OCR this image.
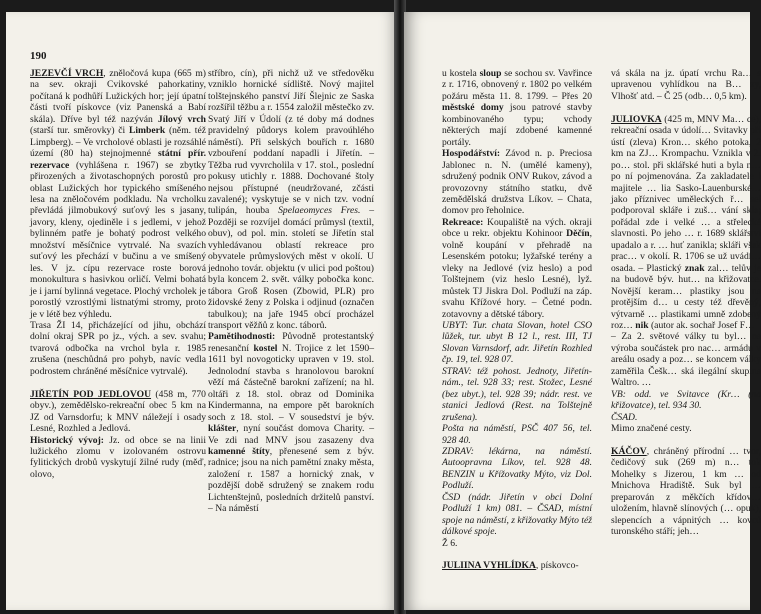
190

JEZEVČÍ VRCH, zněločová kupa (665 m) na sev. okraji Cvikovské pahorkatiny, počítaná k podhůří Lužických hor; její úpatní části tvoří pískovce (viz Panenská a Babí skála). Dříve byl též nazýván Jílový vrch (starší tur. směrovky) či Limberk (něm. též Limpberg). – Ve vrcholové oblasti je rozsáhlé území (80 ha) stejnojmenné státní přír. rezervace (vyhlášena r. 1967) se zbytky přirozených a životaschopných porostů pro oblast Lužických hor typického smíšeného lesa na zněločovém podkladu. Na vrcholku převládá jilmobukový suťový les s jasany, javory, kleny, ojediněle i s jedlemi, v jehož bylinném patře je bohatý podrost velkého množství měsíčnice vytrvalé. Na svazích suťový les přechází v bučinu a ve smíšený les. V jz. cípu rezervace roste borová monokultura s hasivkou orličí. Velmi bohatá je i jarní bylinná vegetace. Plochý vrcholek je porostlý vzrostlými listnatými stromy, proto je v létě bez výhledu.
Trasa ŽI 14, přicházející od jihu, obchází dolní okraj SPR po jz., vých. a sev. svahu; tvarová odbočka na vrchol byla r. 1985 zrušena (neschůdná pro pohyb, navíc vedla podrostem chráněné měsíčnice vytrvalé).

JIŘETÍN POD JEDLOVOU (458 m, 770 obyv.), zemědělsko-rekreační obec 5 km na JZ od Varnsdorfu; k MNV náležejí i osady Lesné, Rozhled a Jedlová.
Historický vývoj: Jz. od obce se na linii lužického zlomu v izolovaném ostrovu fylitických drobů vyskytují žilné rudy (měď, olovo,

stříbro, cín), při nichž už ve středověku vzniklo hornické sídliště. Nový majitel tolštejnského panství Jiří Šlejnic ze Saska rozšířil těžbu a r. 1554 založil městečko zv. Svatý Jiří v Údolí (z té doby má dodnes pravidelný půdorys kolem pravoúhlého náměstí). Při selských bouřích r. 1680 vzbouření poddaní napadli i Jiřetín. – Těžba rud vyvrcholila v 17. stol., poslední pokusy utichly r. 1888. Dochované štoly nejsou přístupné (neudržované, zčásti zavalené); vyskytuje se v nich tzv. vodní tulipán, houba Spelaeomyces Fres. – Později se rozvíjel domácí průmysl (textil, obuv), od pol. min. století se Jiřetín stal vyhledávanou oblastí rekreace pro obyvatele průmyslových měst v okolí. U jednoho továr. objektu (v ulici pod poštou) byla koncem 2. svět. války pobočka konc. tábora Groß Rosen (Zbowid, PLR) pro židovské ženy z Polska i odjinud (označen tabulkou); na jaře 1945 obcí procházel transport věžňů z konc. táborů.
Pamětihodnosti: Původně protestantský renesanční kostel N. Trojice z let 1590–1611 byl novogoticky upraven v 19. stol. Jednolodní stavba s hranolovou barokní věží má částečně barokní zařízení; na hl. oltáři z 18. stol. obraz od Dominika Kindermanna, na empore pět barokních soch z 18. stol. – V sousedství je býv. klášter, nyní součást domova Charity. – Ve zdi nad MNV jsou zasazeny dva kamenné štíty, přenesené sem z býv. radnice; jsou na nich pamětní znaky města, založení r. 1587 a hornický znak, v pozdější době sdružený se znakem rodu Lichtenštejnů, posledních držitelů panství. – Na náměstí

u kostela sloup se sochou sv. Vavřince z r. 1716, obnovený r. 1802 po velkém požáru města 11. 8. 1799. – Přes 20 městské domy jsou patrové stavby kombinovaného typu; vchody některých mají zdobené kamenné portály.
Hospodářství: Závod n. p. Preciosa Jablonec n. N. (umělé kameny), sdružený podnik ONV Rukov, závod a provozovny státního statku, dvě zemědělská družstva Líkov. – Chata, domov pro řeholnice.
Rekreace: Koupaliště na vých. okraji obce u rekr. objektu Kohinoor Děčín, volně koupání v přehradě na Lesenském potoku; lyžařské terény a vleky na Jedlové (viz heslo) a pod Tolštejnem (viz heslo Lesné), lyž. můstek TJ Jiskra Dol. Podluží na záp. svahu Křížové hory. – Četné podn. zotavovny a dětské tábory.
UBYT: Tur. chata Slovan, hotel CSO lůžek, tur. ubyt B 12 l., rest. III, TJ Slovan Varnsdorf, adr. Jiřetín Rozhled čp. 19, tel. 928 07.
STRAV: též pohost. Jednoty, Jiřetín-nám., tel. 928 33; rest. Stožec, Lesné (bez ubyt.), tel. 928 39; nádr. rest. ve stanici Jedlová (Rest. na Tolštejně zrušena).
Pošta na náměstí, PSČ 407 56, tel. 928 40.
ZDRAV: lékárna, na náměstí. Autoopravna Líkov, tel. 928 48. BENZIN u Křížovatky Mýto, viz Dol. Podluží.
ČSD (nádr. Jiřetín v obci Dolní Podluží 1 km) 081. – ČSAD, místní spoje na náměstí, z křižovatky Mýto též dálkové spoje.
Ž 6.

JULIINA VYHLÍDKA, pískovco-

vá skála na jz. úpatí vrchu Ra… s upravenou vyhlídkou na B… zy, Vlhošť atd. – Č 25 (odb… 0,5 km).

JULIOVKA (425 m, MNV Ma… ce), rekreační osada v údolí… Svitavky při ústí (zleva) Kron… ského potoka, 2 km na ZJ… Krompachu. Vznikla v 2. po… stol. při sklářské huti a byla n… po ní pojmenována. Za zakladatele i majitele … lia Sasko-Lauenburské… jako příznivec uměleckých ř… sel podporoval skláře i zuš… vání skla; pořádal zde i velké … a střelecké slavnosti. Po jeho … r. 1689 sklářství upadalo a r. … huť zanikla; skláři však prac… v okolí. R. 1706 se už uvádí… osada. – Plastický znak zal… telův je na budově býv. hut… na křižovatce. Novější keram… plastiky jsou na protějším d… u cesty též dřevěný, výtvarně … plastikami umně zdobený roz… nik (autor ak. sochař Josef F…
– Za 2. světové války tu byl… na výroba součástek pro nac… armádu v areálu osady a poz… se koncem války zaměřila Češk… ská ilegální skupina Waltro. …
VB: odd. ve Svitavce (Kr… (na křižovatce), tel. 934 30.
ČSAD.
Mimo značené cesty.

KÁČOV, chráněný přírodní … tvor, čedičový suk (269 m) n… tok Mohelky s Jizerou, 1 km … od Mnichova Hradiště. Suk byl … preparován z měkčích křídov… uložením, hlavně slínových (… opuk), slepencích a vápnitých … kovců turonského stáří; jeh…
